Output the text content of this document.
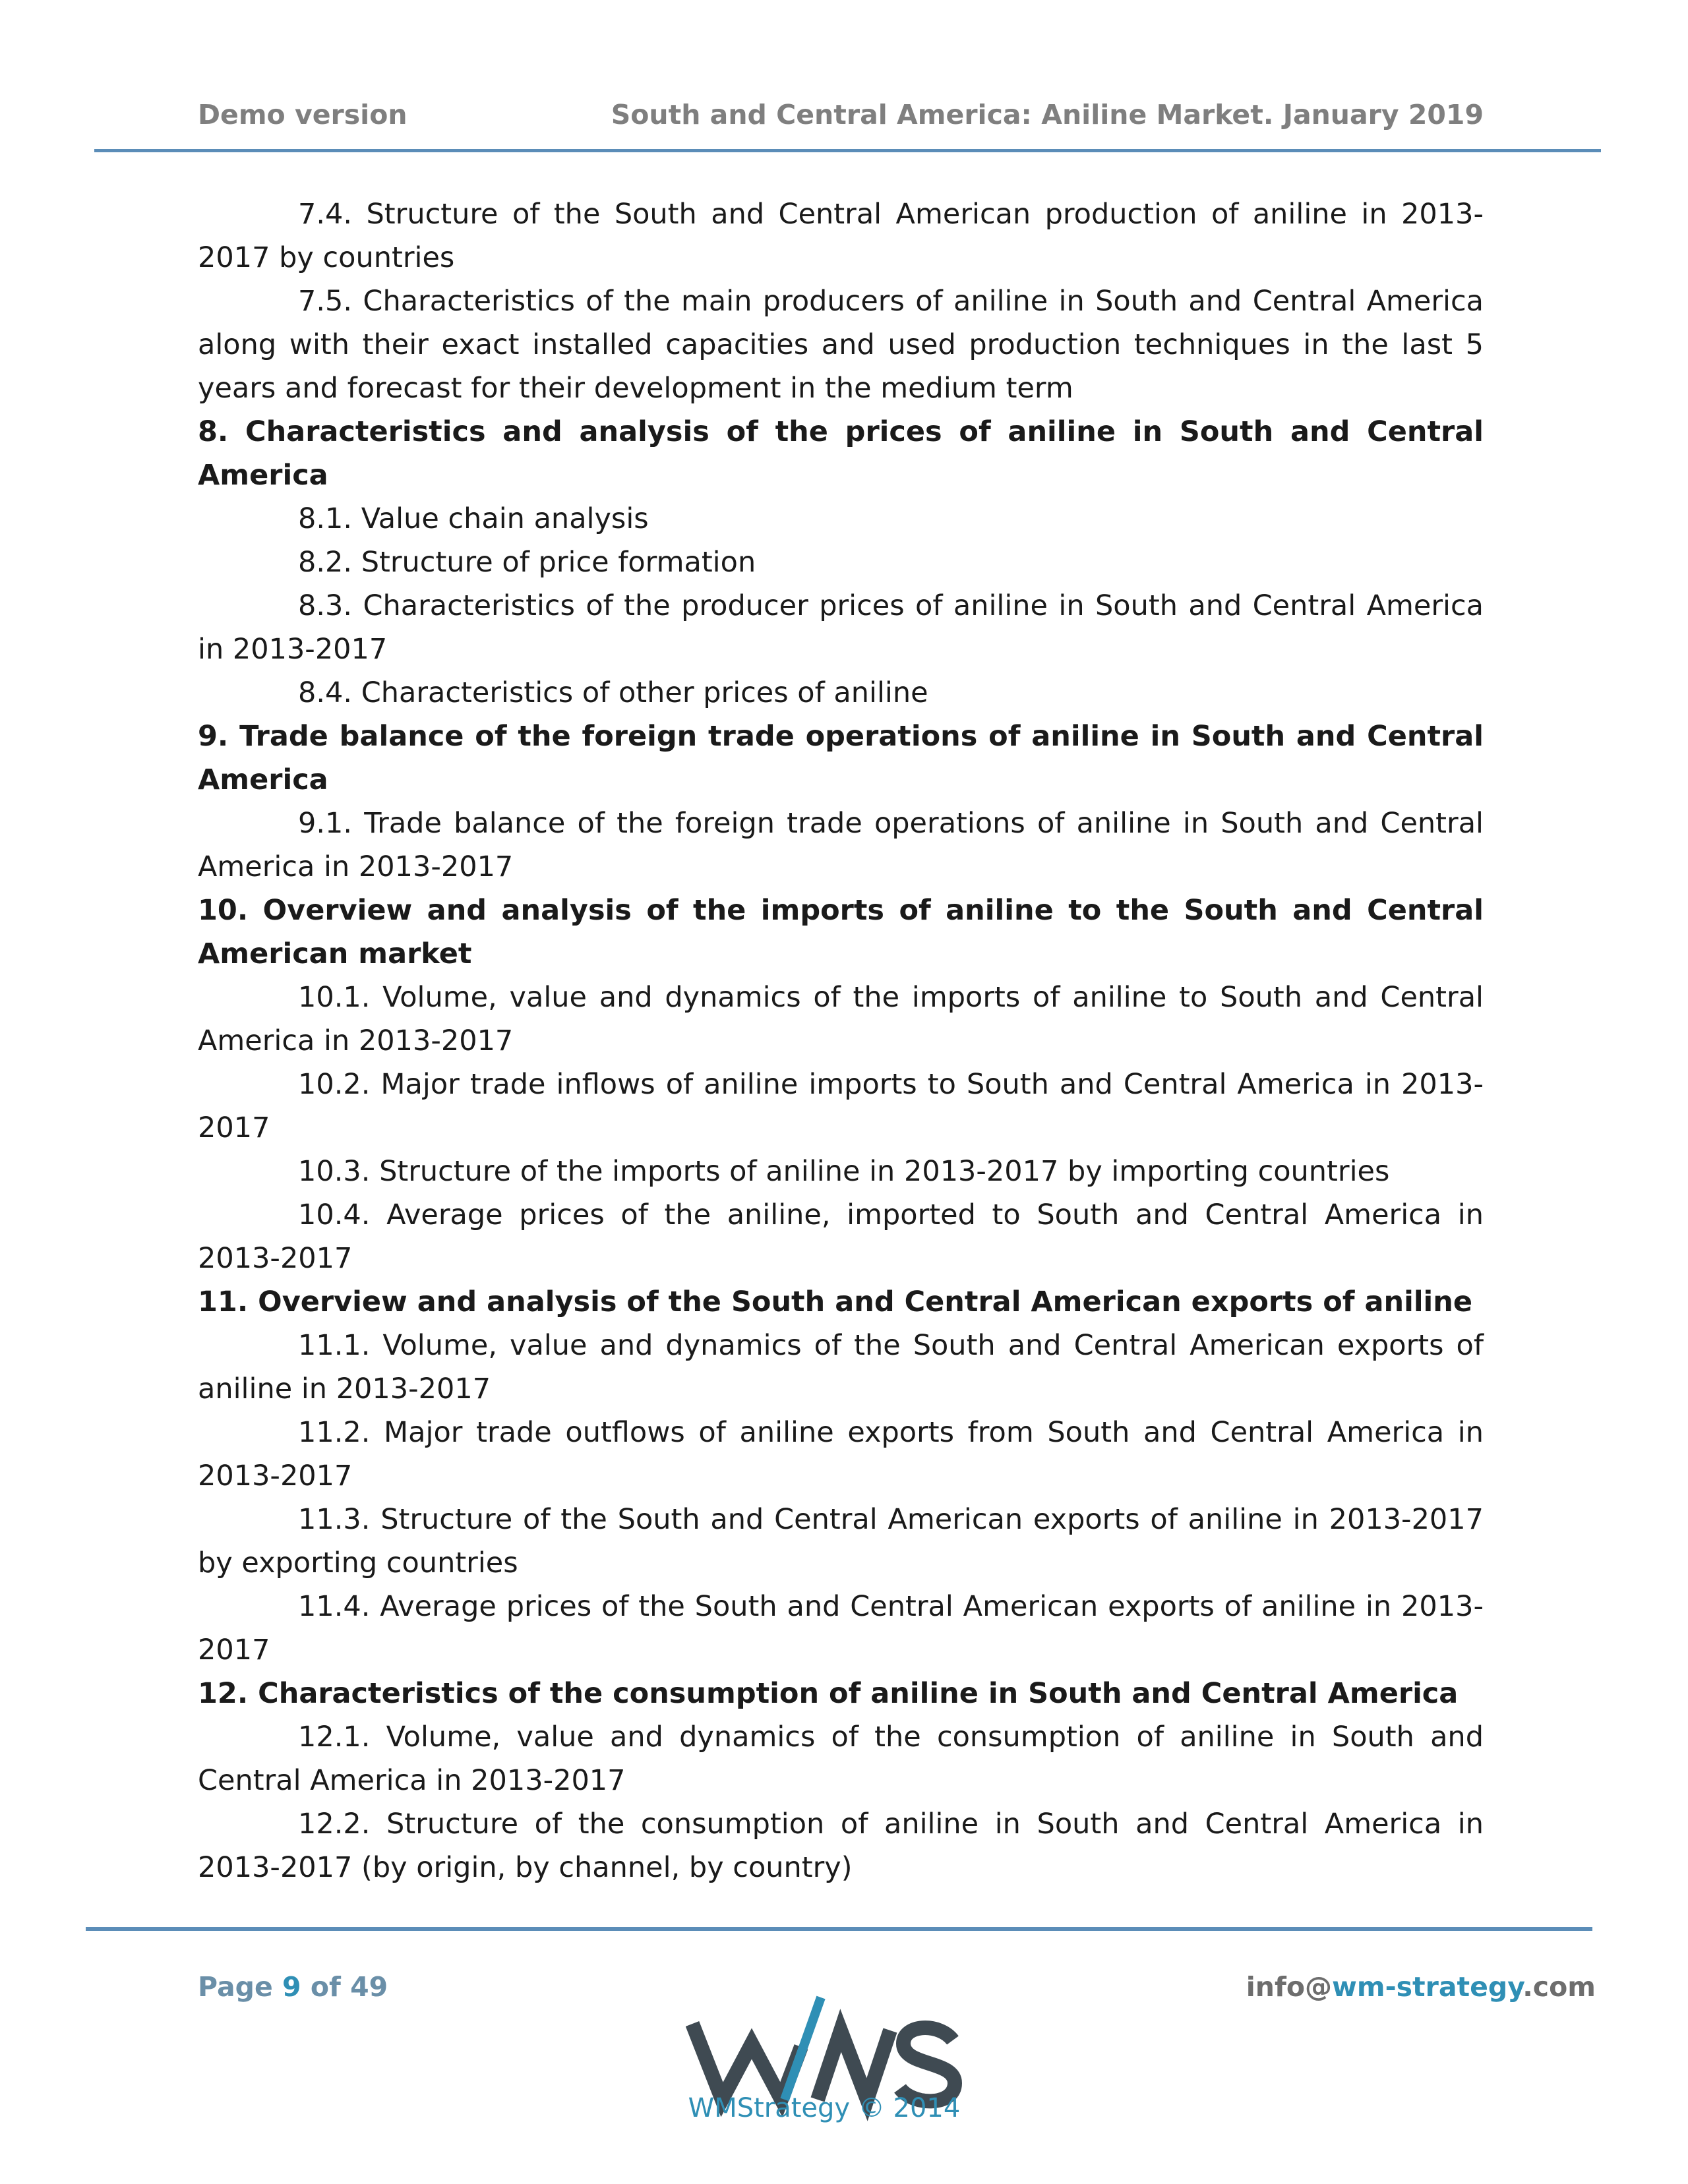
Demo version	South and Central America: Aniline Market. January 2019

7.4. Structure of the South and Central American production of aniline in 2013-2017 by countries

7.5. Characteristics of the main producers of aniline in South and Central America along with their exact installed capacities and used production techniques in the last 5 years and forecast for their development in the medium term

8. Characteristics and analysis of the prices of aniline in South and Central America

8.1. Value chain analysis

8.2. Structure of price formation

8.3. Characteristics of the producer prices of aniline in South and Central America in 2013-2017

8.4. Characteristics of other prices of aniline

9. Trade balance of the foreign trade operations of aniline in South and Central America

9.1. Trade balance of the foreign trade operations of aniline in South and Central America in 2013-2017

10. Overview and analysis of the imports of aniline to the South and Central American market

10.1. Volume, value and dynamics of the imports of aniline to South and Central America in 2013-2017

10.2. Major trade inflows of aniline imports to South and Central America in 2013-2017

10.3. Structure of the imports of aniline in 2013-2017 by importing countries

10.4. Average prices of the aniline, imported to South and Central America in 2013-2017

11. Overview and analysis of the South and Central American exports of aniline

11.1. Volume, value and dynamics of the South and Central American exports of aniline in 2013-2017

11.2. Major trade outflows of aniline exports from South and Central America in 2013-2017

11.3. Structure of the South and Central American exports of aniline in 2013-2017 by exporting countries

11.4. Average prices of the South and Central American exports of aniline in 2013-2017

12. Characteristics of the consumption of aniline in South and Central America

12.1. Volume, value and dynamics of the consumption of aniline in South and Central America in 2013-2017

12.2. Structure of the consumption of aniline in South and Central America in 2013-2017 (by origin, by channel, by country)

Page 9 of 49	info@wm-strategy.com
WMStrategy © 2014
